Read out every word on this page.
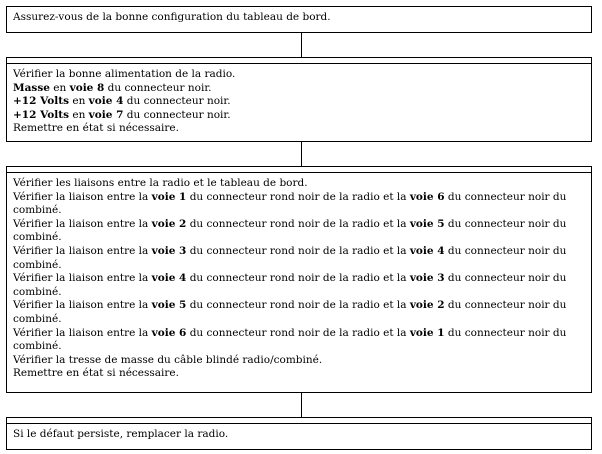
Assurez-vous de la bonne configuration du tableau de bord.
Vérifier la bonne alimentation de la radio.
Masse en voie 8 du connecteur noir.
+12 Volts en voie 4 du connecteur noir.
+12 Volts en voie 7 du connecteur noir.
Remettre en état si nécessaire.
Vérifier les liaisons entre la radio et le tableau de bord.
Vérifier la liaison entre la voie 1 du connecteur rond noir de la radio et la voie 6 du connecteur noir du
combiné.
Vérifier la liaison entre la voie 2 du connecteur rond noir de la radio et la voie 5 du connecteur noir du
combiné.
Vérifier la liaison entre la voie 3 du connecteur rond noir de la radio et la voie 4 du connecteur noir du
combiné.
Vérifier la liaison entre la voie 4 du connecteur rond noir de la radio et la voie 3 du connecteur noir du
combiné.
Vérifier la liaison entre la voie 5 du connecteur rond noir de la radio et la voie 2 du connecteur noir du
combiné.
Vérifier la liaison entre la voie 6 du connecteur rond noir de la radio et la voie 1 du connecteur noir du
combiné.
Vérifier la tresse de masse du câble blindé radio/combiné.
Remettre en état si nécessaire.
Si le défaut persiste, remplacer la radio.
